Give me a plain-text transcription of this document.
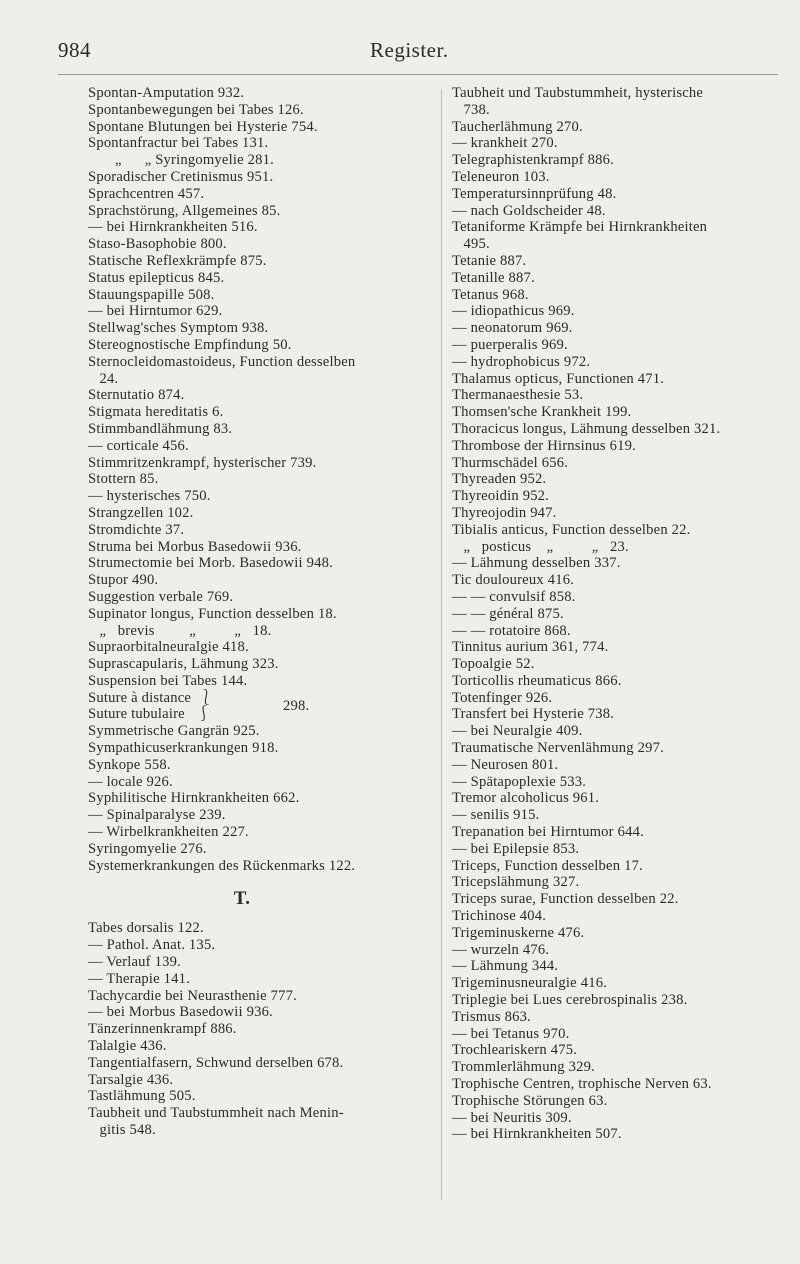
984	Register.
Spontan-Amputation 932.
Spontanbewegungen bei Tabes 126.
Spontane Blutungen bei Hysterie 754.
Spontanfractur bei Tabes 131.
„      „ Syringomyelie 281.
Sporadischer Cretinismus 951.
Sprachcentren 457.
Sprachstörung, Allgemeines 85.
— bei Hirnkrankheiten 516.
Staso-Basophobie 800.
Statische Reflexkrämpfe 875.
Status epilepticus 845.
Stauungspapille 508.
— bei Hirntumor 629.
Stellwag'sches Symptom 938.
Stereognostische Empfindung 50.
Sternocleidomastoideus, Function desselben
24.
Sternutatio 874.
Stigmata hereditatis 6.
Stimmbandlähmung 83.
— corticale 456.
Stimmritzenkrampf, hysterischer 739.
Stottern 85.
— hysterisches 750.
Strangzellen 102.
Stromdichte 37.
Struma bei Morbus Basedowii 936.
Strumectomie bei Morb. Basedowii 948.
Stupor 490.
Suggestion verbale 769.
Supinator longus, Function desselben 18.
„   brevis         „          „   18.
Supraorbitalneuralgie 418.
Suprascapularis, Lähmung 323.
Suspension bei Tabes 144.
Suture à distance  ⎱
Suture tubulaire   ⎰
298.
Symmetrische Gangrän 925.
Sympathicuserkrankungen 918.
Synkope 558.
— locale 926.
Syphilitische Hirnkrankheiten 662.
— Spinalparalyse 239.
— Wirbelkrankheiten 227.
Syringomyelie 276.
Systemerkrankungen des Rückenmarks 122.
T.
Tabes dorsalis 122.
— Pathol. Anat. 135.
— Verlauf 139.
— Therapie 141.
Tachycardie bei Neurasthenie 777.
— bei Morbus Basedowii 936.
Tänzerinnenkrampf 886.
Talalgie 436.
Tangentialfasern, Schwund derselben 678.
Tarsalgie 436.
Tastlähmung 505.
Taubheit und Taubstummheit nach Menin-
gitis 548.
Taubheit und Taubstummheit, hysterische
738.
Taucherlähmung 270.
— krankheit 270.
Telegraphistenkrampf 886.
Teleneuron 103.
Temperatursinnprüfung 48.
— nach Goldscheider 48.
Tetaniforme Krämpfe bei Hirnkrankheiten
495.
Tetanie 887.
Tetanille 887.
Tetanus 968.
— idiopathicus 969.
— neonatorum 969.
— puerperalis 969.
— hydrophobicus 972.
Thalamus opticus, Functionen 471.
Thermanaesthesie 53.
Thomsen'sche Krankheit 199.
Thoracicus longus, Lähmung desselben 321.
Thrombose der Hirnsinus 619.
Thurmschädel 656.
Thyreaden 952.
Thyreoidin 952.
Thyreojodin 947.
Tibialis anticus, Function desselben 22.
„   posticus    „          „   23.
— Lähmung desselben 337.
Tic douloureux 416.
— — convulsif 858.
— — général 875.
— — rotatoire 868.
Tinnitus aurium 361, 774.
Topoalgie 52.
Torticollis rheumaticus 866.
Totenfinger 926.
Transfert bei Hysterie 738.
— bei Neuralgie 409.
Traumatische Nervenlähmung 297.
— Neurosen 801.
— Spätapoplexie 533.
Tremor alcoholicus 961.
— senilis 915.
Trepanation bei Hirntumor 644.
— bei Epilepsie 853.
Triceps, Function desselben 17.
Tricepslähmung 327.
Triceps surae, Function desselben 22.
Trichinose 404.
Trigeminuskerne 476.
— wurzeln 476.
— Lähmung 344.
Trigeminusneuralgie 416.
Triplegie bei Lues cerebrospinalis 238.
Trismus 863.
— bei Tetanus 970.
Trochleariskern 475.
Trommlerlähmung 329.
Trophische Centren, trophische Nerven 63.
Trophische Störungen 63.
— bei Neuritis 309.
— bei Hirnkrankheiten 507.
